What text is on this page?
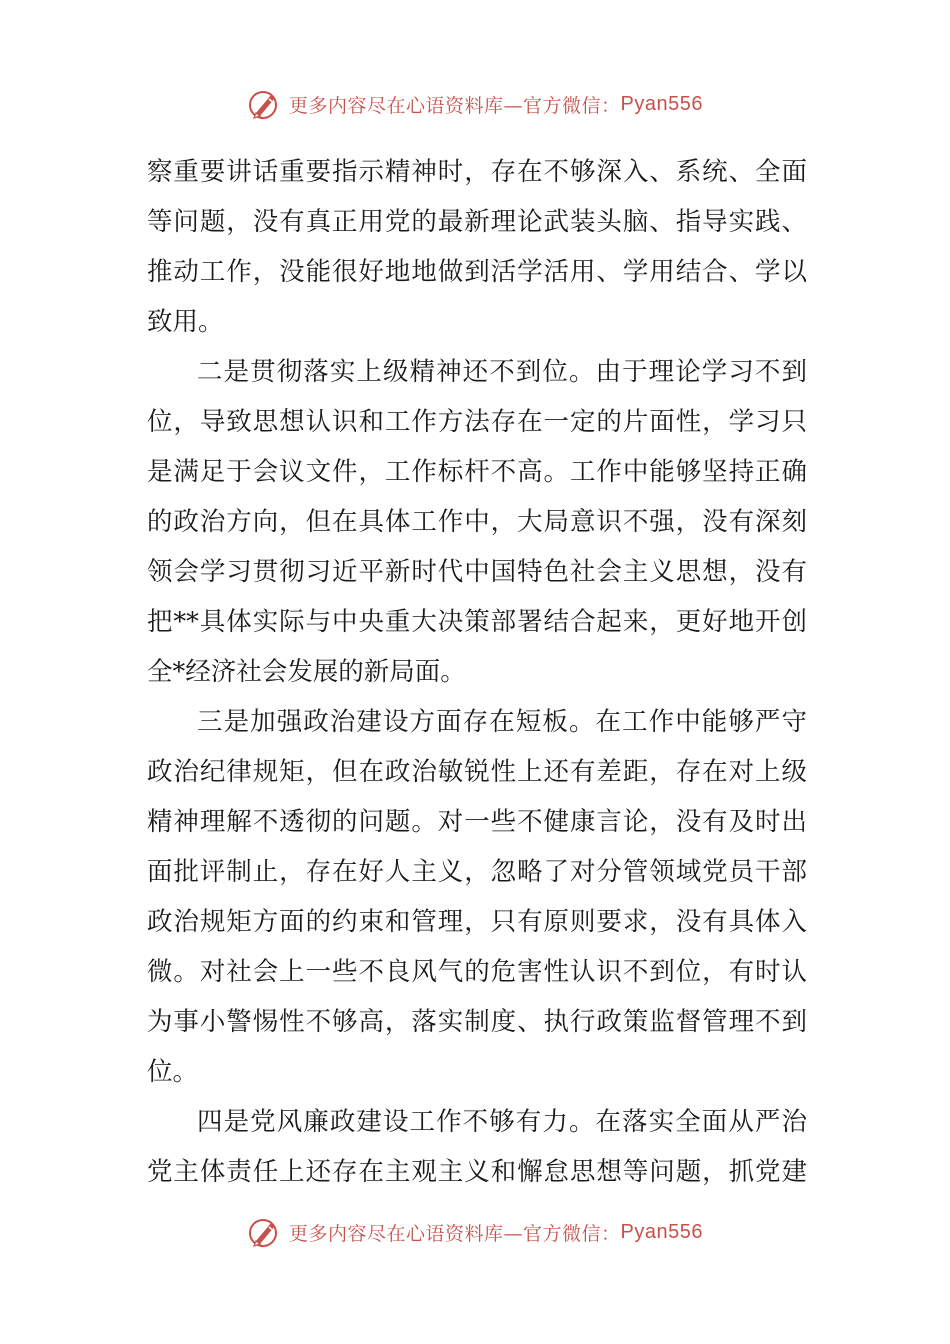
更多内容尽在心语资料库—官方微信： Pyan556
察重要讲话重要指示精神时，存在不够深入、系统、全面
等问题，没有真正用党的最新理论武装头脑、指导实践、
推动工作，没能很好地地做到活学活用、学用结合、学以
致用。
二是贯彻落实上级精神还不到位。由于理论学习不到
位，导致思想认识和工作方法存在一定的片面性，学习只
是满足于会议文件，工作标杆不高。工作中能够坚持正确
的政治方向，但在具体工作中，大局意识不强，没有深刻
领会学习贯彻习近平新时代中国特色社会主义思想，没有
把**具体实际与中央重大决策部署结合起来，更好地开创
全*经济社会发展的新局面。
三是加强政治建设方面存在短板。在工作中能够严守
政治纪律规矩，但在政治敏锐性上还有差距，存在对上级
精神理解不透彻的问题。对一些不健康言论，没有及时出
面批评制止，存在好人主义，忽略了对分管领域党员干部
政治规矩方面的约束和管理，只有原则要求，没有具体入
微。对社会上一些不良风气的危害性认识不到位，有时认
为事小警惕性不够高，落实制度、执行政策监督管理不到
位。
四是党风廉政建设工作不够有力。在落实全面从严治
党主体责任上还存在主观主义和懈怠思想等问题，抓党建
更多内容尽在心语资料库—官方微信： Pyan556
